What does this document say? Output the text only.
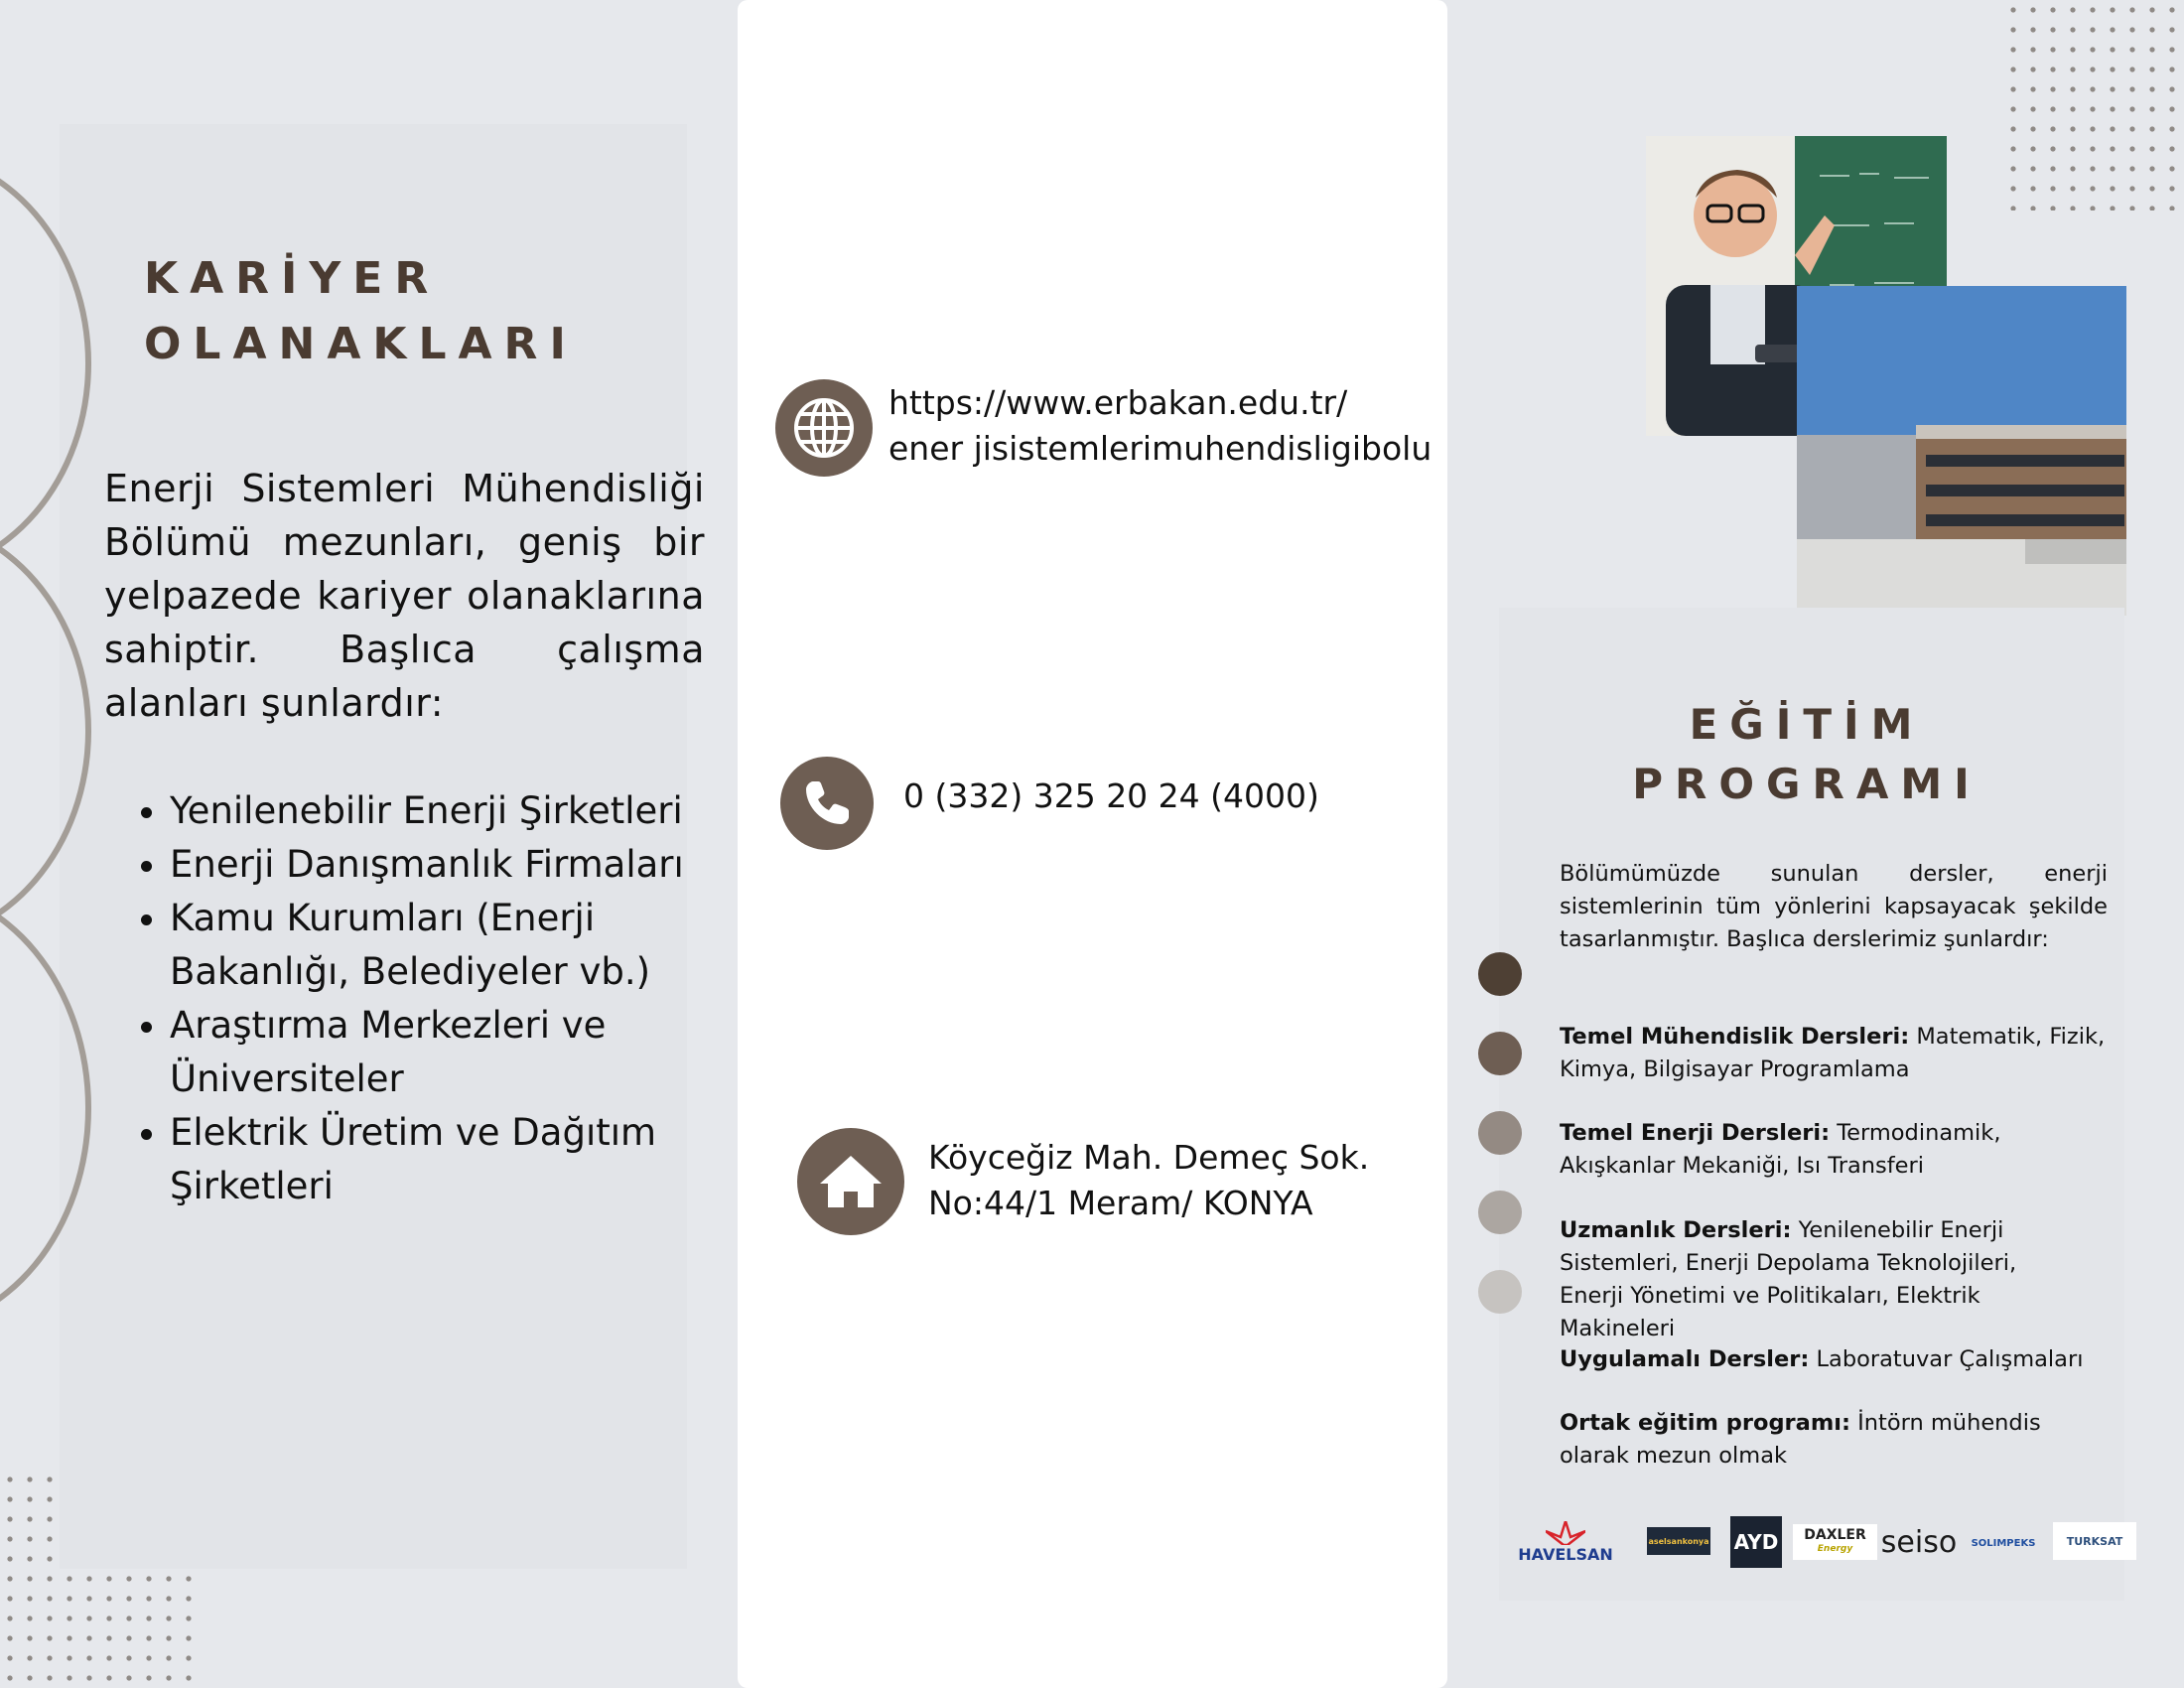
KARİYER
OLANAKLARI
Enerji Sistemleri Mühendisliği Bölümü mezunları, geniş bir yelpazede kariyer olanaklarına sahiptir. Başlıca çalışma alanları şunlardır:
• Yenilenebilir Enerji Şirketleri
• Enerji Danışmanlık Firmaları
• Kamu Kurumları (Enerji Bakanlığı, Belediyeler vb.)
• Araştırma Merkezleri ve Üniversiteler
• Elektrik Üretim ve Dağıtım Şirketleri
https://www.erbakan.edu.tr/
ener jisistemlerimuhendisligibolu
0 (332) 325 20 24 (4000)
Köyceğiz Mah. Demeç Sok.
No:44/1 Meram/ KONYA
EĞİTİM
PROGRAMI
Bölümümüzde sunulan dersler, enerji sistemlerinin tüm yönlerini kapsayacak şekilde tasarlanmıştır. Başlıca derslerimiz şunlardır:
Temel Mühendislik Dersleri: Matematik, Fizik, Kimya, Bilgisayar Programlama
Temel Enerji Dersleri: Termodinamik, Akışkanlar Mekaniği, Isı Transferi
Uzmanlık Dersleri: Yenilenebilir Enerji Sistemleri, Enerji Depolama Teknolojileri, Enerji Yönetimi ve Politikaları, Elektrik Makineleri
Uygulamalı Dersler: Laboratuvar Çalışmaları
Ortak eğitim programı: İntörn mühendis olarak mezun olmak
HAVELSAN
aselsankonya AYD DAXLER
Energy seiso	SOLIMPEKS	TURKSAT
